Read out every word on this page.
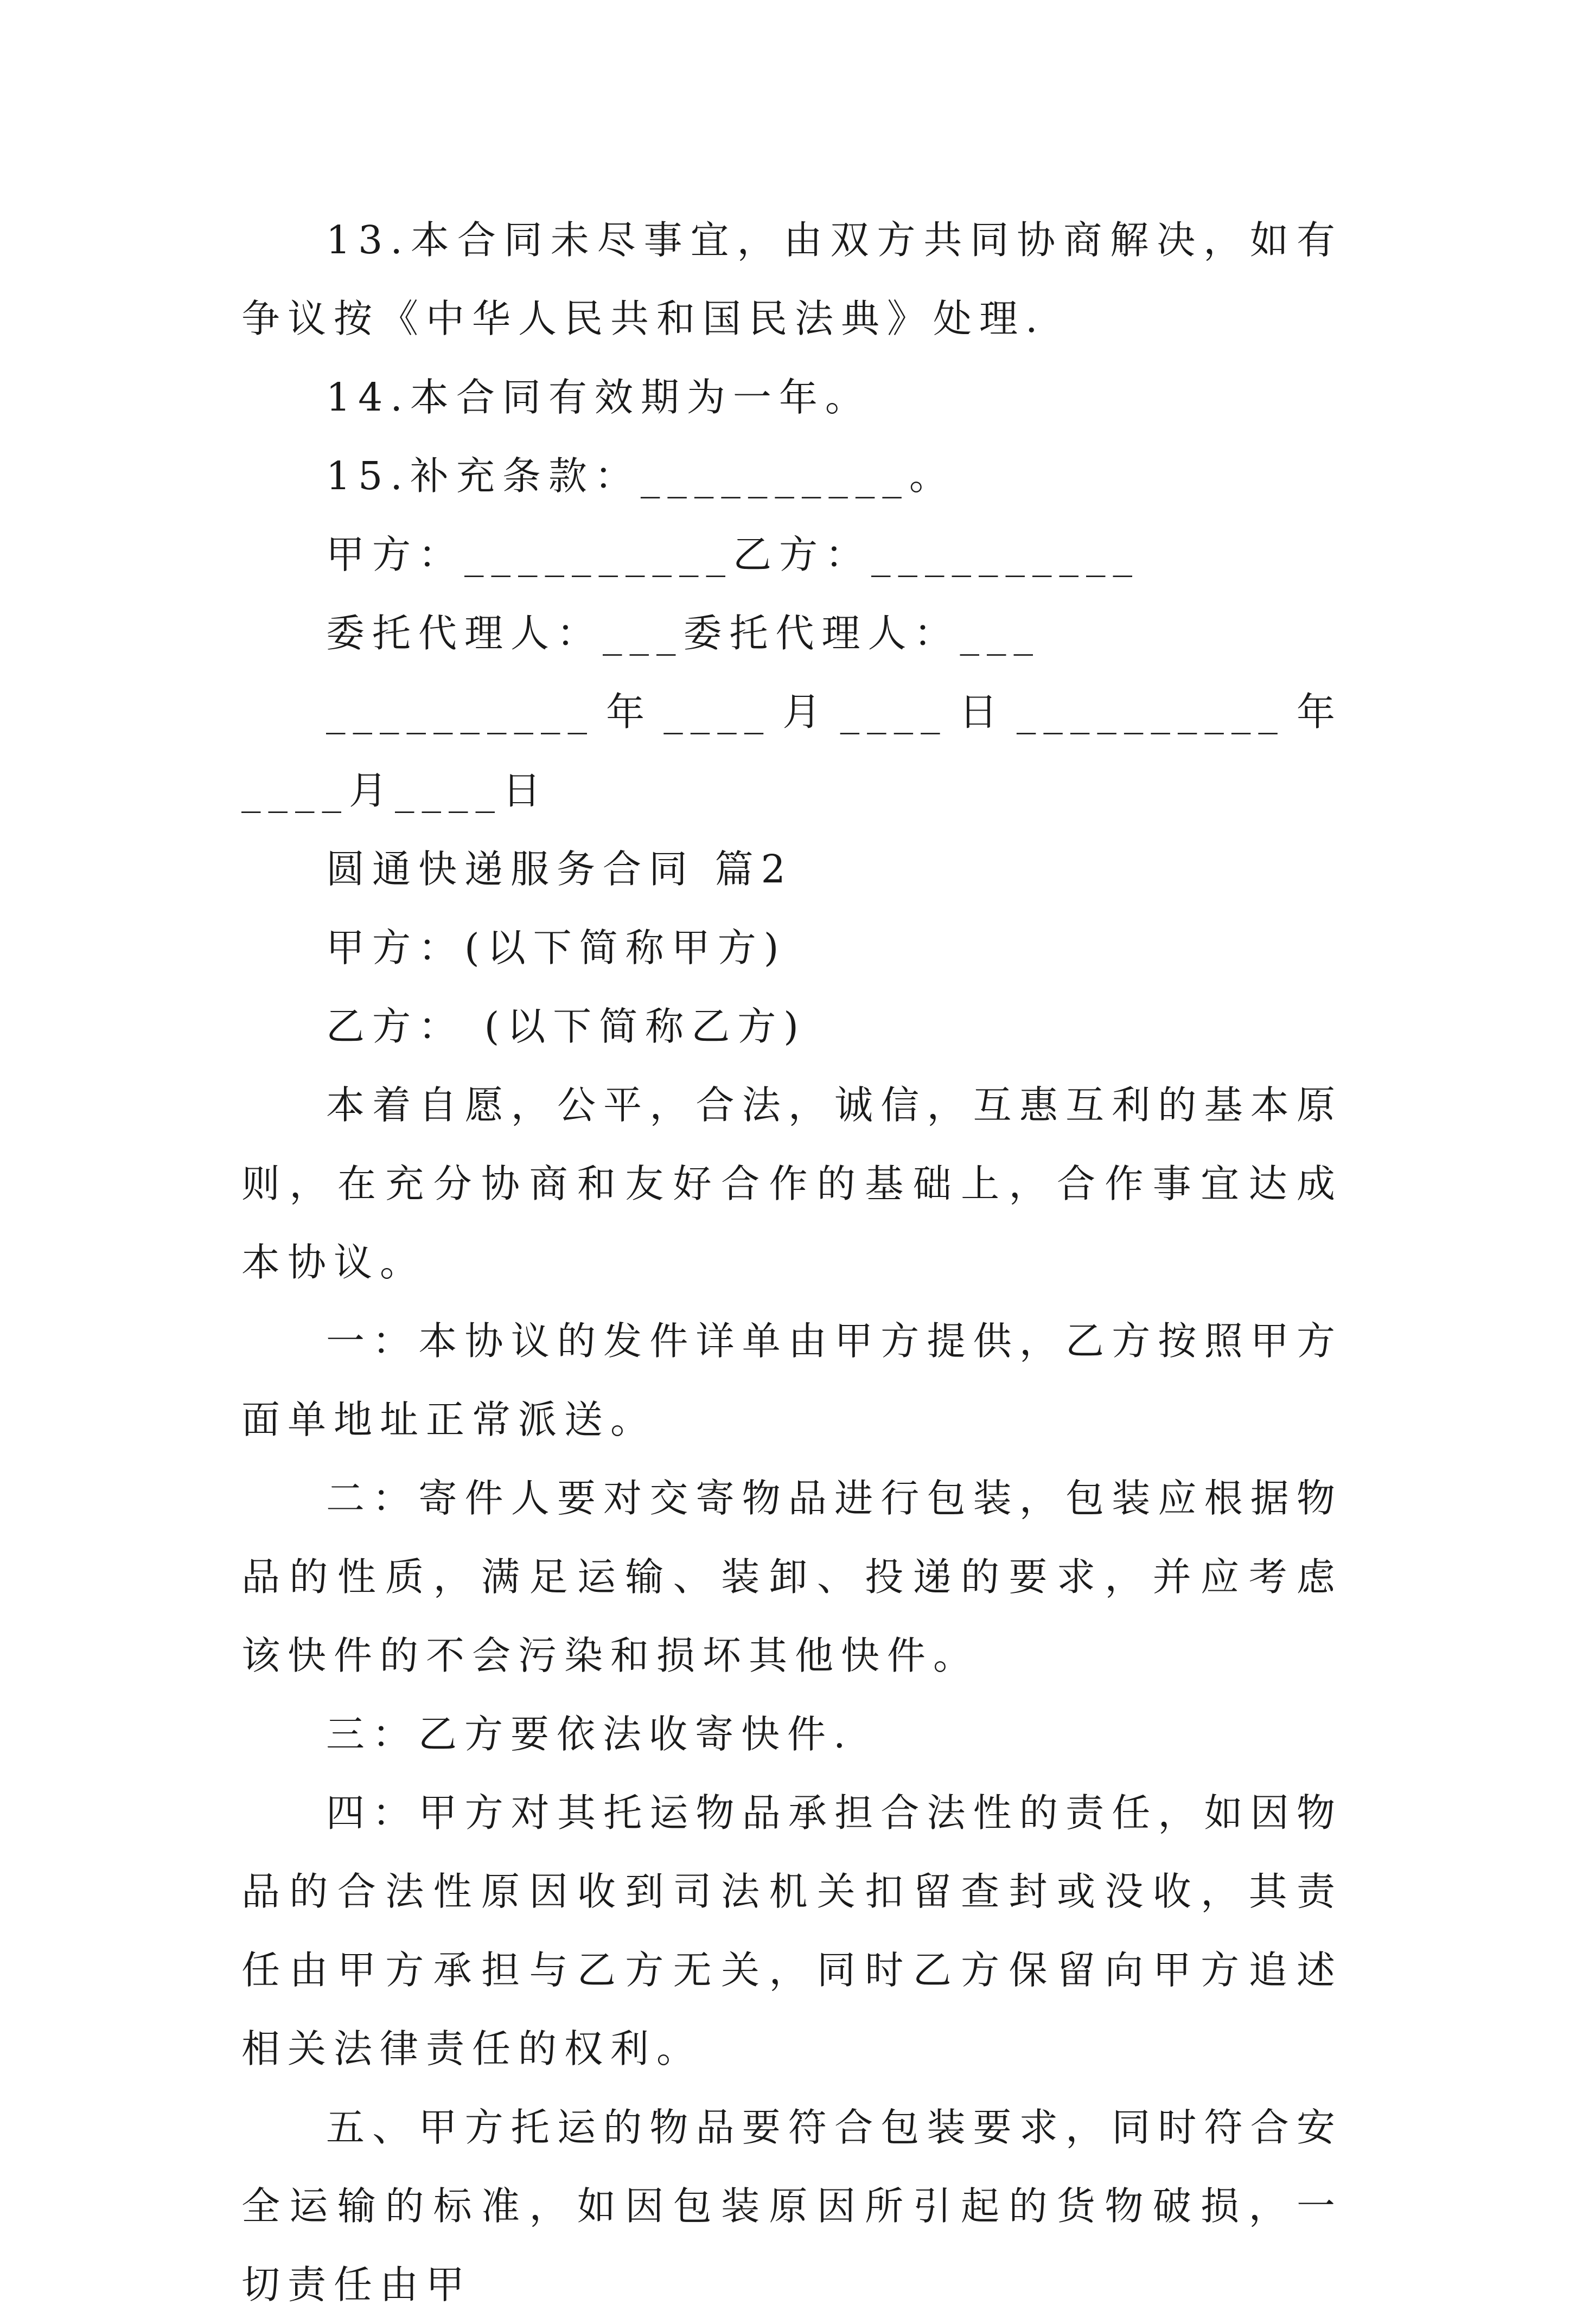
13.本合同未尽事宜，由双方共同协商解决，如有争议按《中华人民共和国民法典》处理.

14.本合同有效期为一年。

15.补充条款：__________。

甲方：__________乙方：__________

委托代理人：___委托代理人：___

__________年____月____日__________年____月____日

圆通快递服务合同 篇2

甲方：(以下简称甲方)

乙方： (以下简称乙方)

本着自愿，公平，合法，诚信，互惠互利的基本原则，在充分协商和友好合作的基础上，合作事宜达成本协议。

一：本协议的发件详单由甲方提供，乙方按照甲方面单地址正常派送。

二：寄件人要对交寄物品进行包装，包装应根据物品的性质，满足运输、装卸、投递的要求，并应考虑该快件的不会污染和损坏其他快件。

三：乙方要依法收寄快件.

四：甲方对其托运物品承担合法性的责任，如因物品的合法性原因收到司法机关扣留查封或没收，其责任由甲方承担与乙方无关，同时乙方保留向甲方追述相关法律责任的权利。

五、甲方托运的物品要符合包装要求，同时符合安全运输的标准，如因包装原因所引起的货物破损，一切责任由甲
